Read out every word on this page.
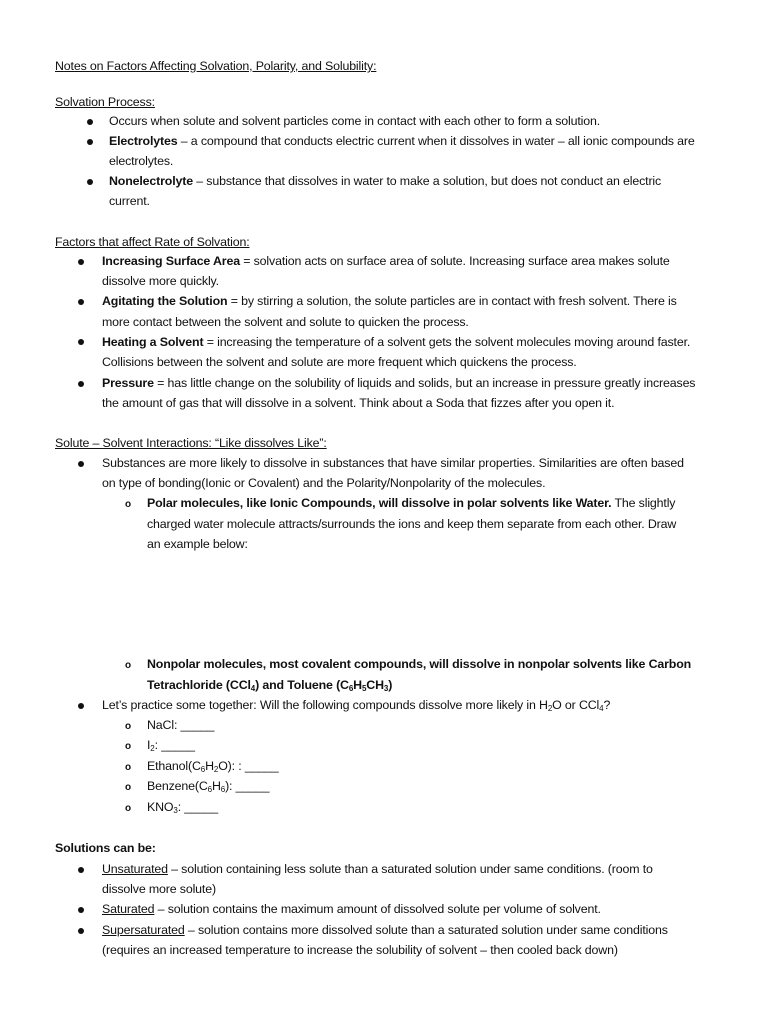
Notes on Factors Affecting Solvation, Polarity, and Solubility:
Solvation Process:
Occurs when solute and solvent particles come in contact with each other to form a solution.
Electrolytes – a compound that conducts electric current when it dissolves in water – all ionic compounds are
electrolytes.
Nonelectrolyte – substance that dissolves in water to make a solution, but does not conduct an electric
current.
Factors that affect Rate of Solvation:
Increasing Surface Area = solvation acts on surface area of solute. Increasing surface area makes solute
dissolve more quickly.
Agitating the Solution = by stirring a solution, the solute particles are in contact with fresh solvent. There is
more contact between the solvent and solute to quicken the process.
Heating a Solvent = increasing the temperature of a solvent gets the solvent molecules moving around faster.
Collisions between the solvent and solute are more frequent which quickens the process.
Pressure = has little change on the solubility of liquids and solids, but an increase in pressure greatly increases
the amount of gas that will dissolve in a solvent. Think about a Soda that fizzes after you open it.
Solute – Solvent Interactions: “Like dissolves Like”:
Substances are more likely to dissolve in substances that have similar properties. Similarities are often based
on type of bonding(Ionic or Covalent) and the Polarity/Nonpolarity of the molecules.
o Polar molecules, like Ionic Compounds, will dissolve in polar solvents like Water. The slightly
charged water molecule attracts/surrounds the ions and keep them separate from each other. Draw
an example below:
o Nonpolar molecules, most covalent compounds, will dissolve in nonpolar solvents like Carbon
Tetrachloride (CCl$_4$) and Toluene $(C_6H_5CH_3)$
Let’s practice some together: Will the following compounds dissolve more likely in $H_2O$ or CCl$_4$?
o NaCl: _____
o $I_2$: _____
o $Ethanol(C_6H_2O)$: : _____
o $Benzene(C_6H_6)$: _____
o $KNO_3$: _____
Solutions can be:
Unsaturated – solution containing less solute than a saturated solution under same conditions. (room to
dissolve more solute)
Saturated – solution contains the maximum amount of dissolved solute per volume of solvent.
Supersaturated – solution contains more dissolved solute than a saturated solution under same conditions
(requires an increased temperature to increase the solubility of solvent – then cooled back down)
